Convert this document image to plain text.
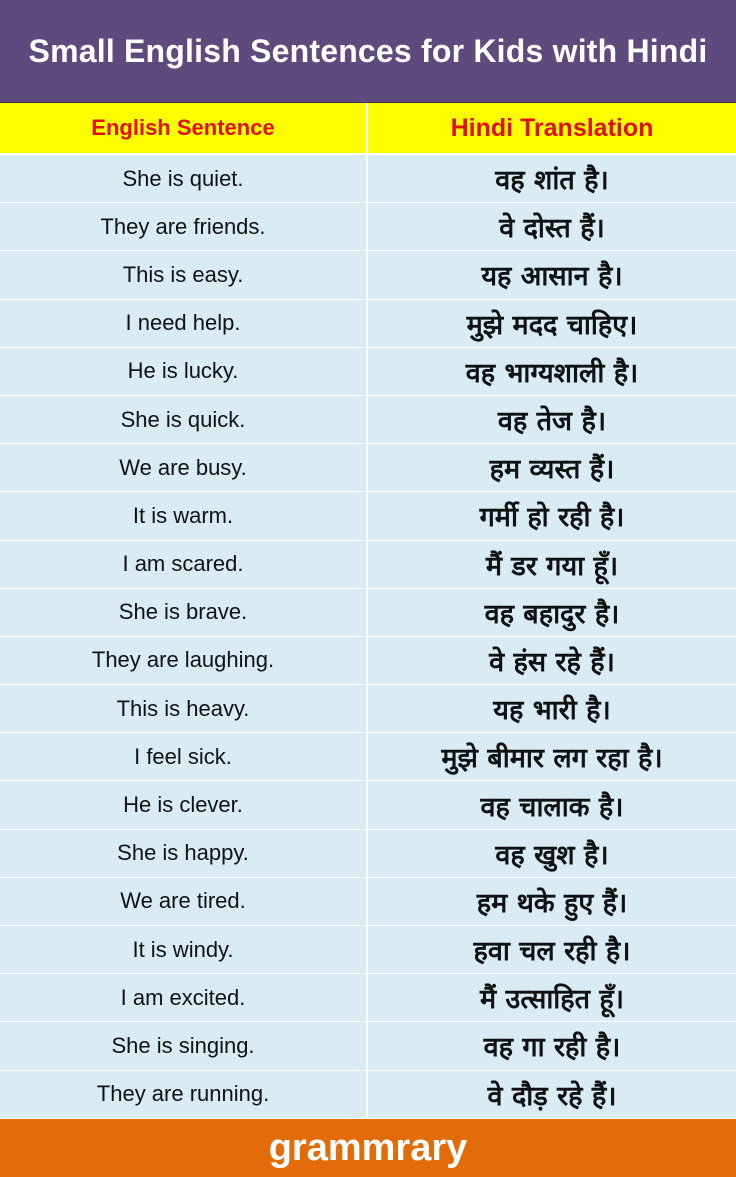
Small English Sentences for Kids with Hindi
English Sentence	Hindi Translation
She is quiet.	वह शांत है।
They are friends.	वे दोस्त हैं।
This is easy.	यह आसान है।
I need help.	मुझे मदद चाहिए।
He is lucky.	वह भाग्यशाली है।
She is quick.	वह तेज है।
We are busy.	हम व्यस्त हैं।
It is warm.	गर्मी हो रही है।
I am scared.	मैं डर गया हूँ।
She is brave.	वह बहादुर है।
They are laughing.	वे हंस रहे हैं।
This is heavy.	यह भारी है।
I feel sick.	मुझे बीमार लग रहा है।
He is clever.	वह चालाक है।
She is happy.	वह खुश है।
We are tired.	हम थके हुए हैं।
It is windy.	हवा चल रही है।
I am excited.	मैं उत्साहित हूँ।
She is singing.	वह गा रही है।
They are running.	वे दौड़ रहे हैं।
grammrary
